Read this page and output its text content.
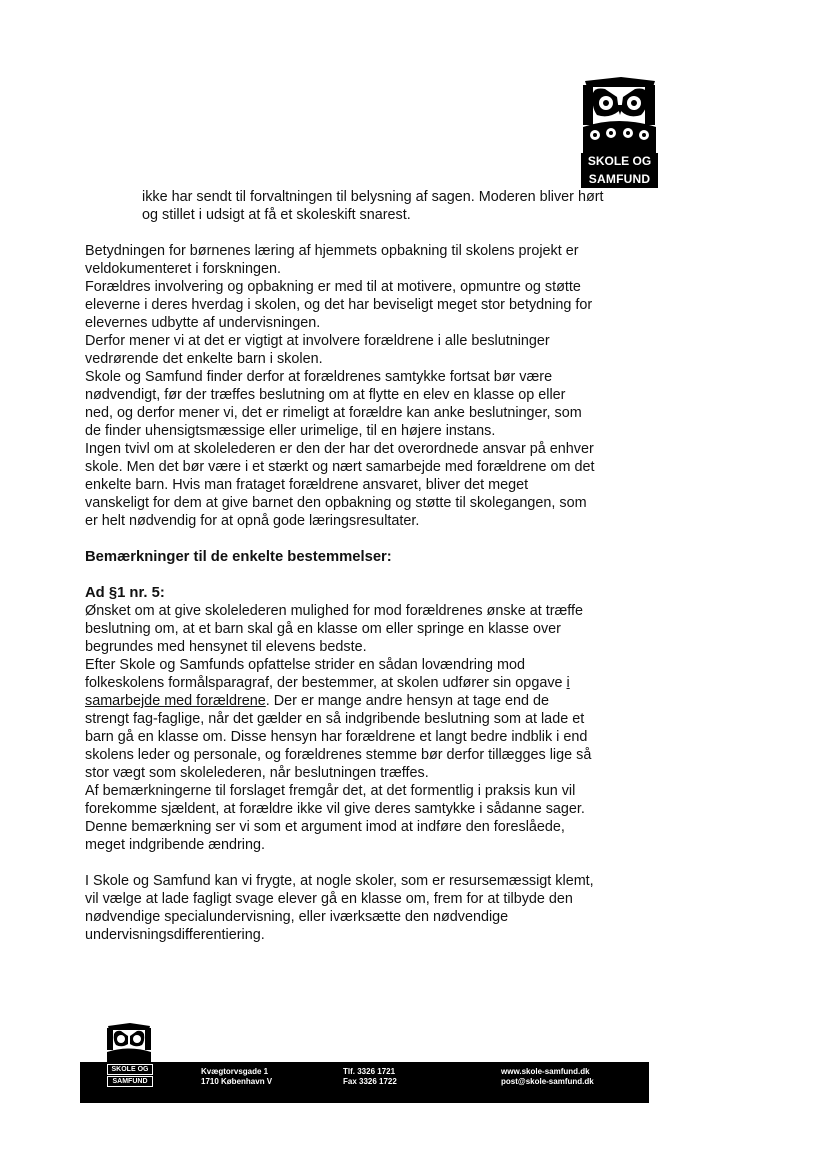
SKOLE OG
SAMFUND

ikke har sendt til forvaltningen til belysning af sagen. Moderen bliver hørt

og stillet i udsigt at få et skoleskift snarest.

Betydningen for børnenes læring af hjemmets opbakning til skolens projekt er

veldokumenteret i forskningen.

Forældres involvering og opbakning er med til at motivere, opmuntre og støtte

eleverne i deres hverdag i skolen, og det har beviseligt meget stor betydning for

elevernes udbytte af undervisningen.

Derfor mener vi at det er vigtigt at involvere forældrene i alle beslutninger

vedrørende det enkelte barn i skolen.

Skole og Samfund finder derfor at forældrenes samtykke fortsat bør være

nødvendigt, før der træffes beslutning om at flytte en elev en klasse op eller

ned, og derfor mener vi, det er rimeligt at forældre kan anke beslutninger, som

de finder uhensigtsmæssige eller urimelige, til en højere instans.

Ingen tvivl om at skolelederen er den der har det overordnede ansvar på enhver

skole. Men det bør være i et stærkt og nært samarbejde med forældrene om det

enkelte barn. Hvis man frataget forældrene ansvaret, bliver det meget

vanskeligt for dem at give barnet den opbakning og støtte til skolegangen, som

er helt nødvendig for at opnå gode læringsresultater.

Bemærkninger til de enkelte bestemmelser:

Ad §1 nr. 5:

Ønsket om at give skolelederen mulighed for mod forældrenes ønske at træffe

beslutning om, at et barn skal gå en klasse om eller springe en klasse over

begrundes med hensynet til elevens bedste.

Efter Skole og Samfunds opfattelse strider en sådan lovændring mod

folkeskolens formålsparagraf, der bestemmer, at skolen udfører sin opgave i

samarbejde med forældrene. Der er mange andre hensyn at tage end de

strengt fag-faglige, når det gælder en så indgribende beslutning som at lade et

barn gå en klasse om. Disse hensyn har forældrene et langt bedre indblik i end

skolens leder og personale, og forældrenes stemme bør derfor tillægges lige så

stor vægt som skolelederen, når beslutningen træffes.

Af bemærkningerne til forslaget fremgår det, at det formentlig i praksis kun vil

forekomme sjældent, at forældre ikke vil give deres samtykke i sådanne sager.

Denne bemærkning ser vi som et argument imod at indføre den foreslåede,

meget indgribende ændring.

I Skole og Samfund kan vi frygte, at nogle skoler, som er resursemæssigt klemt,

vil vælge at lade fagligt svage elever gå en klasse om, frem for at tilbyde den

nødvendige specialundervisning, eller iværksætte den nødvendige

undervisningsdifferentiering.

SKOLE OG
SAMFUND
Kvægtorvsgade 1
1710 København V
Tlf. 3326 1721
Fax 3326 1722
www.skole-samfund.dk
post@skole-samfund.dk
